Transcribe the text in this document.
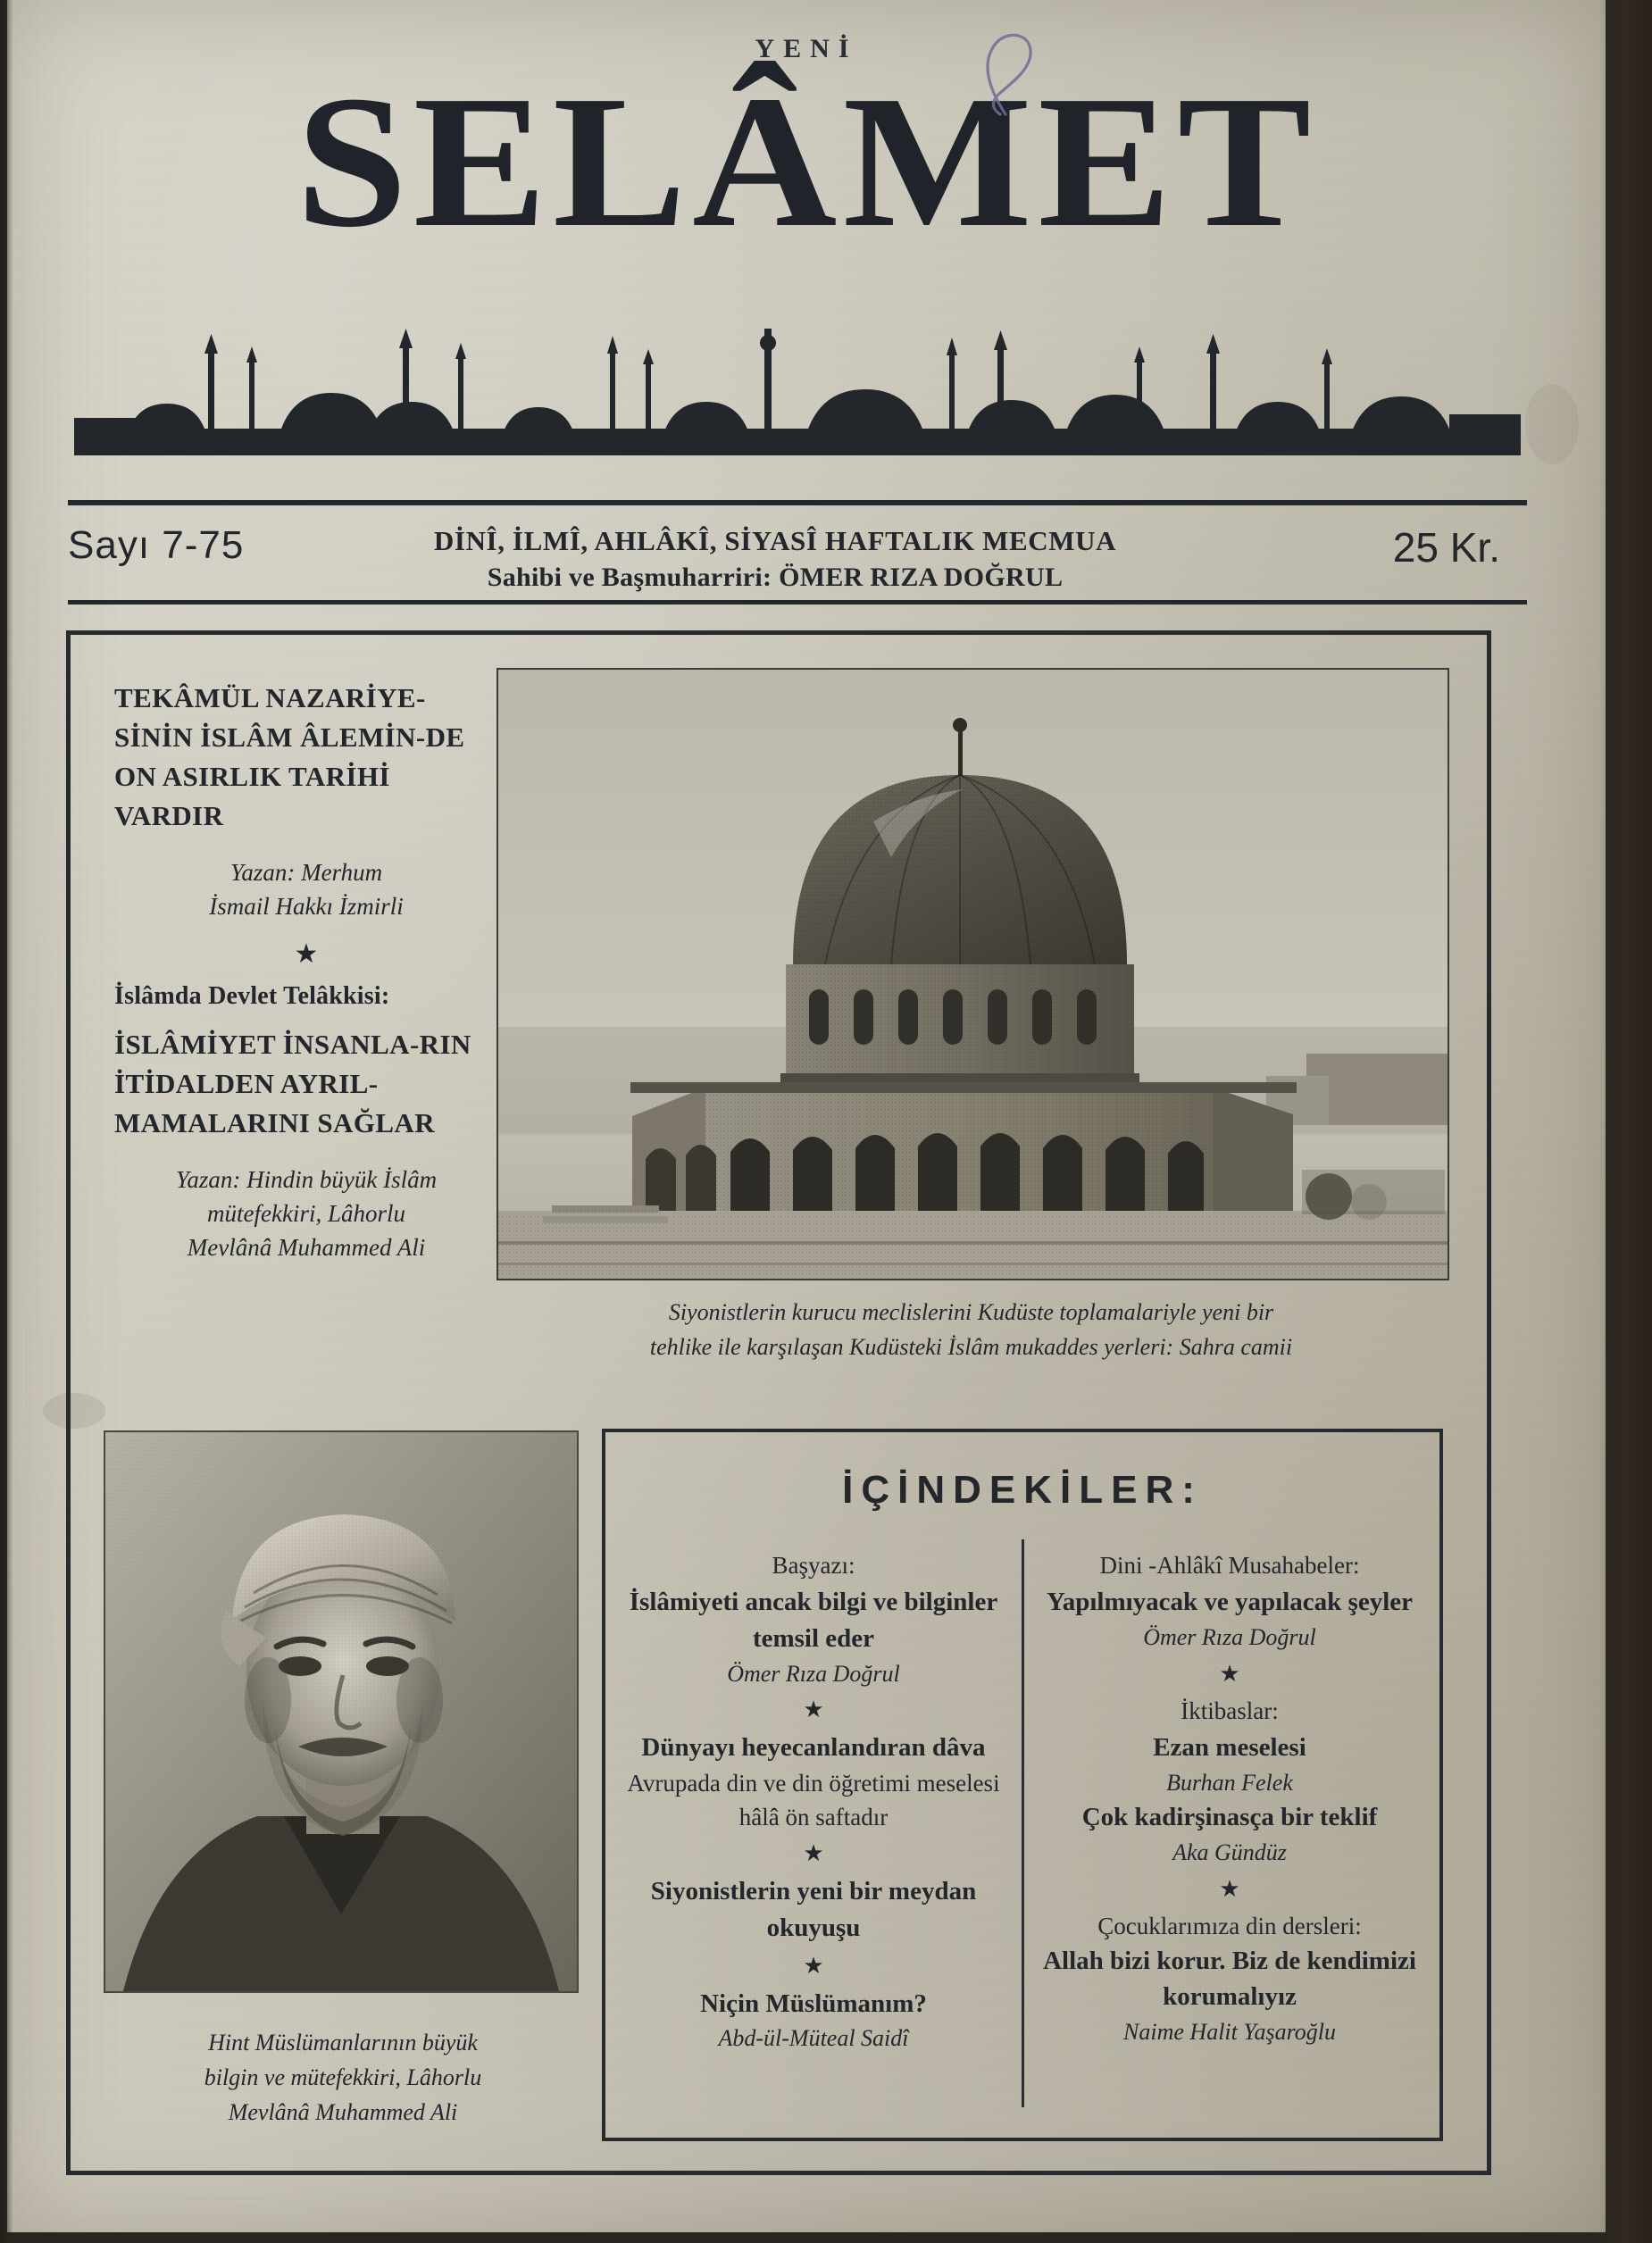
YENİ
SELÂMET
Sayı 7-75	DİNÎ, İLMÎ, AHLÂKÎ, SİYASÎ HAFTALIK MECMUA
Sahibi ve Başmuharriri: ÖMER RIZA DOĞRUL
25 Kr.
TEKÂMÜL NAZARİYE-SİNİN İSLÂM ÂLEMİN-DE ON ASIRLIK TARİHİ VARDIR
Yazan: Merhum
İsmail Hakkı İzmirli
★
İslâmda Devlet Telâkkisi:
İSLÂMİYET İNSANLA-RIN İTİDALDEN AYRIL-MAMALARINI SAĞLAR
Yazan: Hindin büyük İslâm
mütefekkiri, Lâhorlu
Mevlânâ Muhammed Ali
Siyonistlerin kurucu meclislerini Kudüste toplamalariyle yeni bir
tehlike ile karşılaşan Kudüsteki İslâm mukaddes yerleri: Sahra camii
Hint Müslümanlarının büyük
bilgin ve mütefekkiri, Lâhorlu
Mevlânâ Muhammed Ali
İÇİNDEKİLER:
Başyazı:
İslâmiyeti ancak bilgi ve bilginler temsil eder
Ömer Rıza Doğrul
★
Dünyayı heyecanlandıran dâva
Avrupada din ve din öğretimi meselesi hâlâ ön saftadır
★
Siyonistlerin yeni bir meydan okuyuşu
★
Niçin Müslümanım?
Abd-ül-Müteal Saidî
Dini -Ahlâkî Musahabeler:
Yapılmıyacak ve yapılacak şeyler
Ömer Rıza Doğrul
★
İktibaslar:
Ezan meselesi
Burhan Felek
Çok kadirşinasça bir teklif
Aka Gündüz
★
Çocuklarımıza din dersleri:
Allah bizi korur. Biz de kendimizi korumalıyız
Naime Halit Yaşaroğlu
